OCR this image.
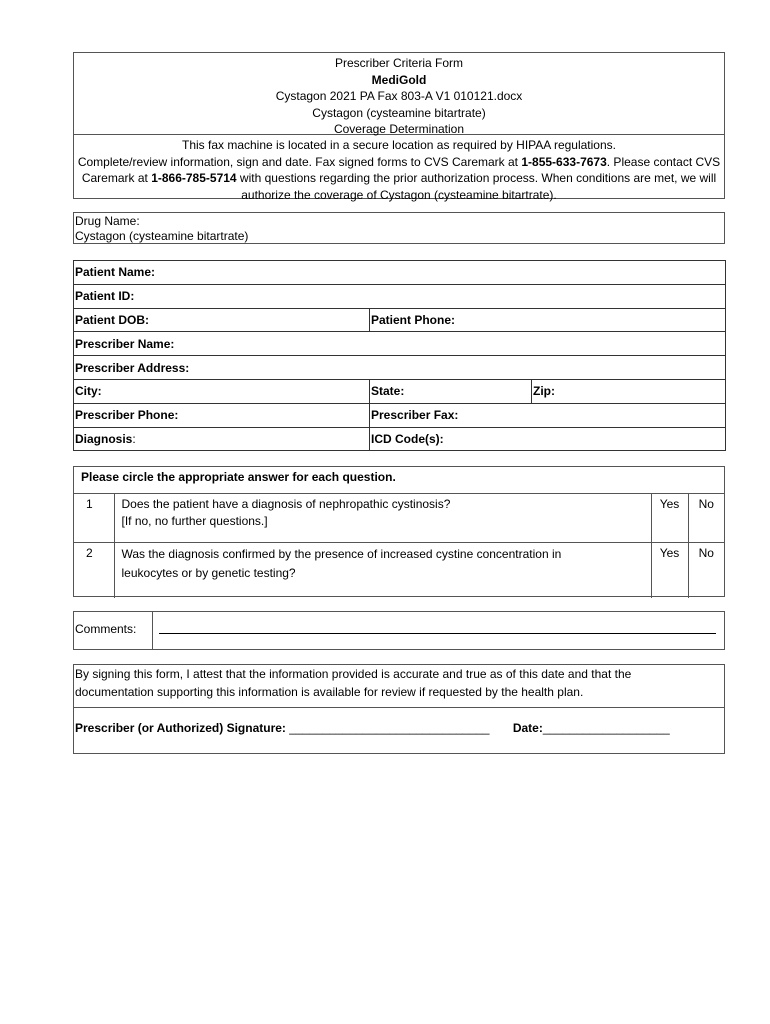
Prescriber Criteria Form
MediGold
Cystagon 2021 PA Fax 803-A V1 010121.docx
Cystagon (cysteamine bitartrate)
Coverage Determination
This fax machine is located in a secure location as required by HIPAA regulations.
Complete/review information, sign and date. Fax signed forms to CVS Caremark at 1-855-633-7673. Please contact CVS Caremark at 1-866-785-5714 with questions regarding the prior authorization process. When conditions are met, we will authorize the coverage of Cystagon (cysteamine bitartrate).
Drug Name:
Cystagon (cysteamine bitartrate)
Patient Name:		
Patient ID:		
Patient DOB:	Patient Phone:	
Prescriber Name:		
Prescriber Address:		
City:	State:	Zip:
Prescriber Phone:	Prescriber Fax:	
Diagnosis:	ICD Code(s):	
Please circle the appropriate answer for each question.
1	Does the patient have a diagnosis of nephropathic cystinosis?
[If no, no further questions.]	Yes	No
2	Was the diagnosis confirmed by the presence of increased cystine concentration in
leukocytes or by genetic testing?	Yes	No
Comments:
By signing this form, I attest that the information provided is accurate and true as of this date and that the
documentation supporting this information is available for review if requested by the health plan.
Prescriber (or Authorized) Signature: ______________________________ Date:___________________
